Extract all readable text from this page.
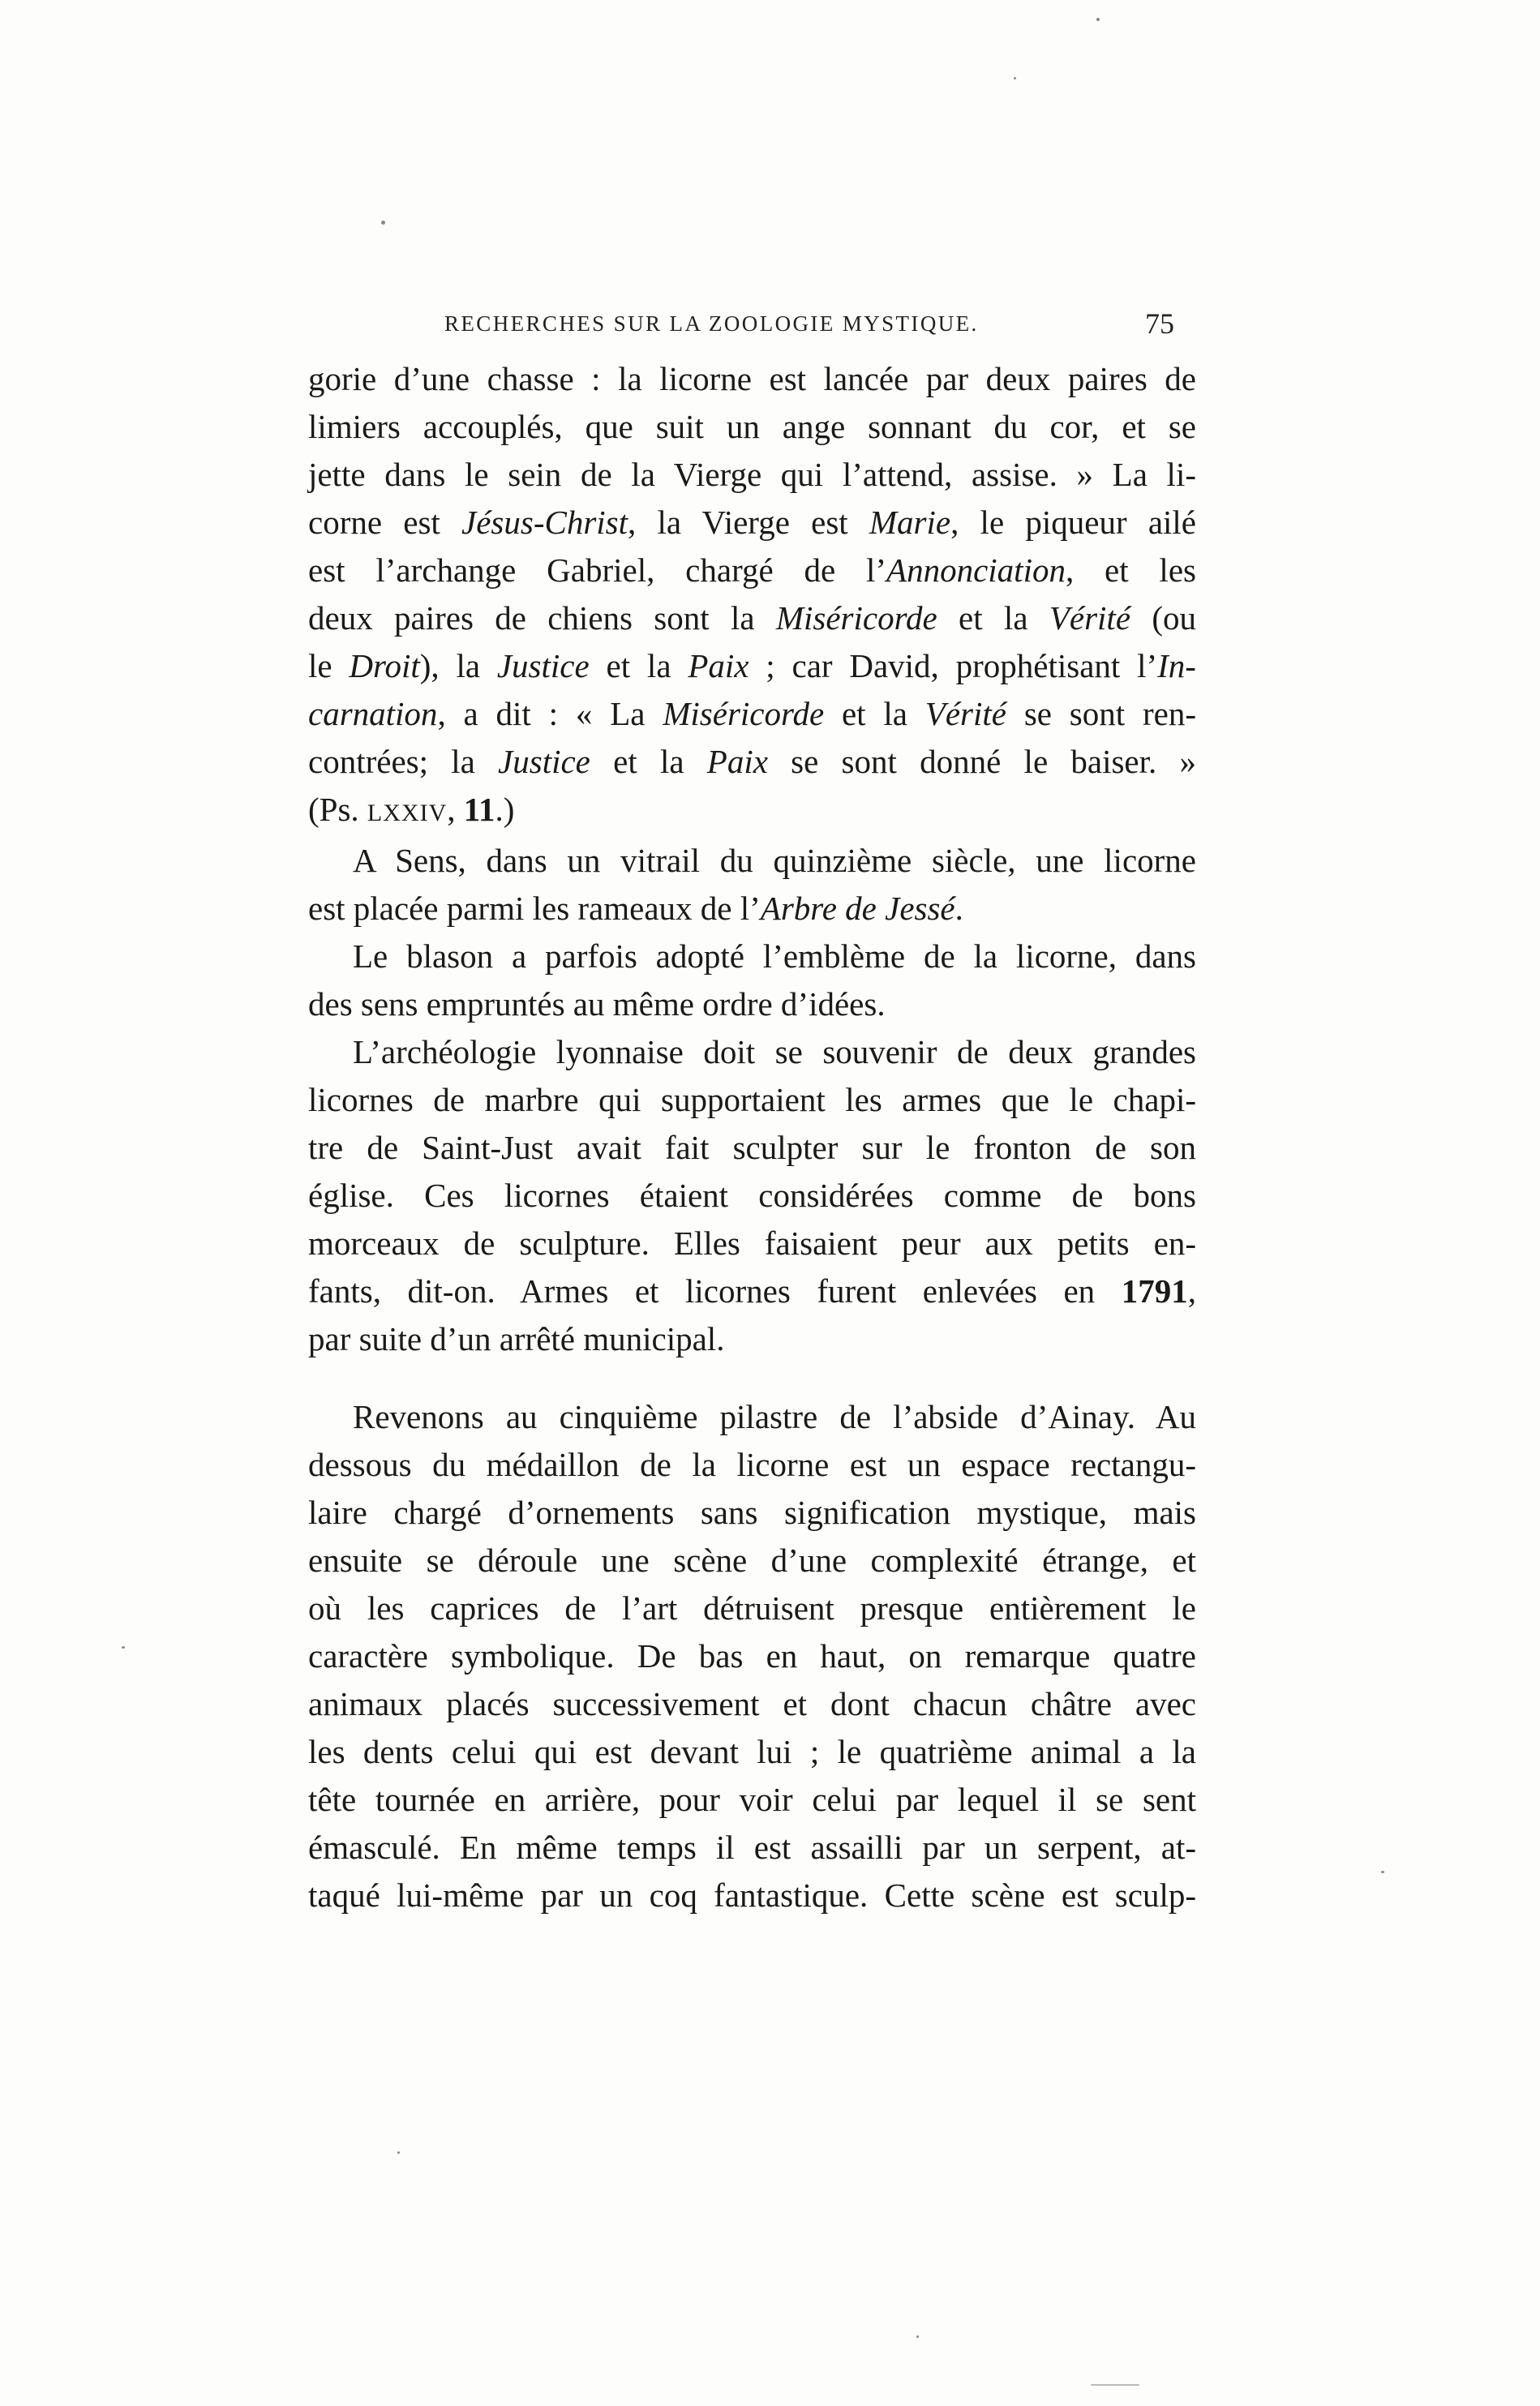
RECHERCHES SUR LA ZOOLOGIE MYSTIQUE.	75
gorie d’une chasse : la licorne est lancée par deux paires de
limiers accouplés, que suit un ange sonnant du cor, et se
jette dans le sein de la Vierge qui l’attend, assise. » La li-
corne est Jésus-Christ, la Vierge est Marie, le piqueur ailé
est l’archange Gabriel, chargé de l’Annonciation, et les
deux paires de chiens sont la Miséricorde et la Vérité (ou
le Droit), la Justice et la Paix ; car David, prophétisant l’In-
carnation, a dit : « La Miséricorde et la Vérité se sont ren-
contrées; la Justice et la Paix se sont donné le baiser. »
(Ps. LXXIV, 11.)
A Sens, dans un vitrail du quinzième siècle, une licorne
est placée parmi les rameaux de l’Arbre de Jessé.
Le blason a parfois adopté l’emblème de la licorne, dans
des sens empruntés au même ordre d’idées.
L’archéologie lyonnaise doit se souvenir de deux grandes
licornes de marbre qui supportaient les armes que le chapi-
tre de Saint-Just avait fait sculpter sur le fronton de son
église. Ces licornes étaient considérées comme de bons
morceaux de sculpture. Elles faisaient peur aux petits en-
fants, dit-on. Armes et licornes furent enlevées en 1791,
par suite d’un arrêté municipal.
Revenons au cinquième pilastre de l’abside d’Ainay. Au
dessous du médaillon de la licorne est un espace rectangu-
laire chargé d’ornements sans signification mystique, mais
ensuite se déroule une scène d’une complexité étrange, et
où les caprices de l’art détruisent presque entièrement le
caractère symbolique. De bas en haut, on remarque quatre
animaux placés successivement et dont chacun châtre avec
les dents celui qui est devant lui ; le quatrième animal a la
tête tournée en arrière, pour voir celui par lequel il se sent
émasculé. En même temps il est assailli par un serpent, at-
taqué lui-même par un coq fantastique. Cette scène est sculp-
